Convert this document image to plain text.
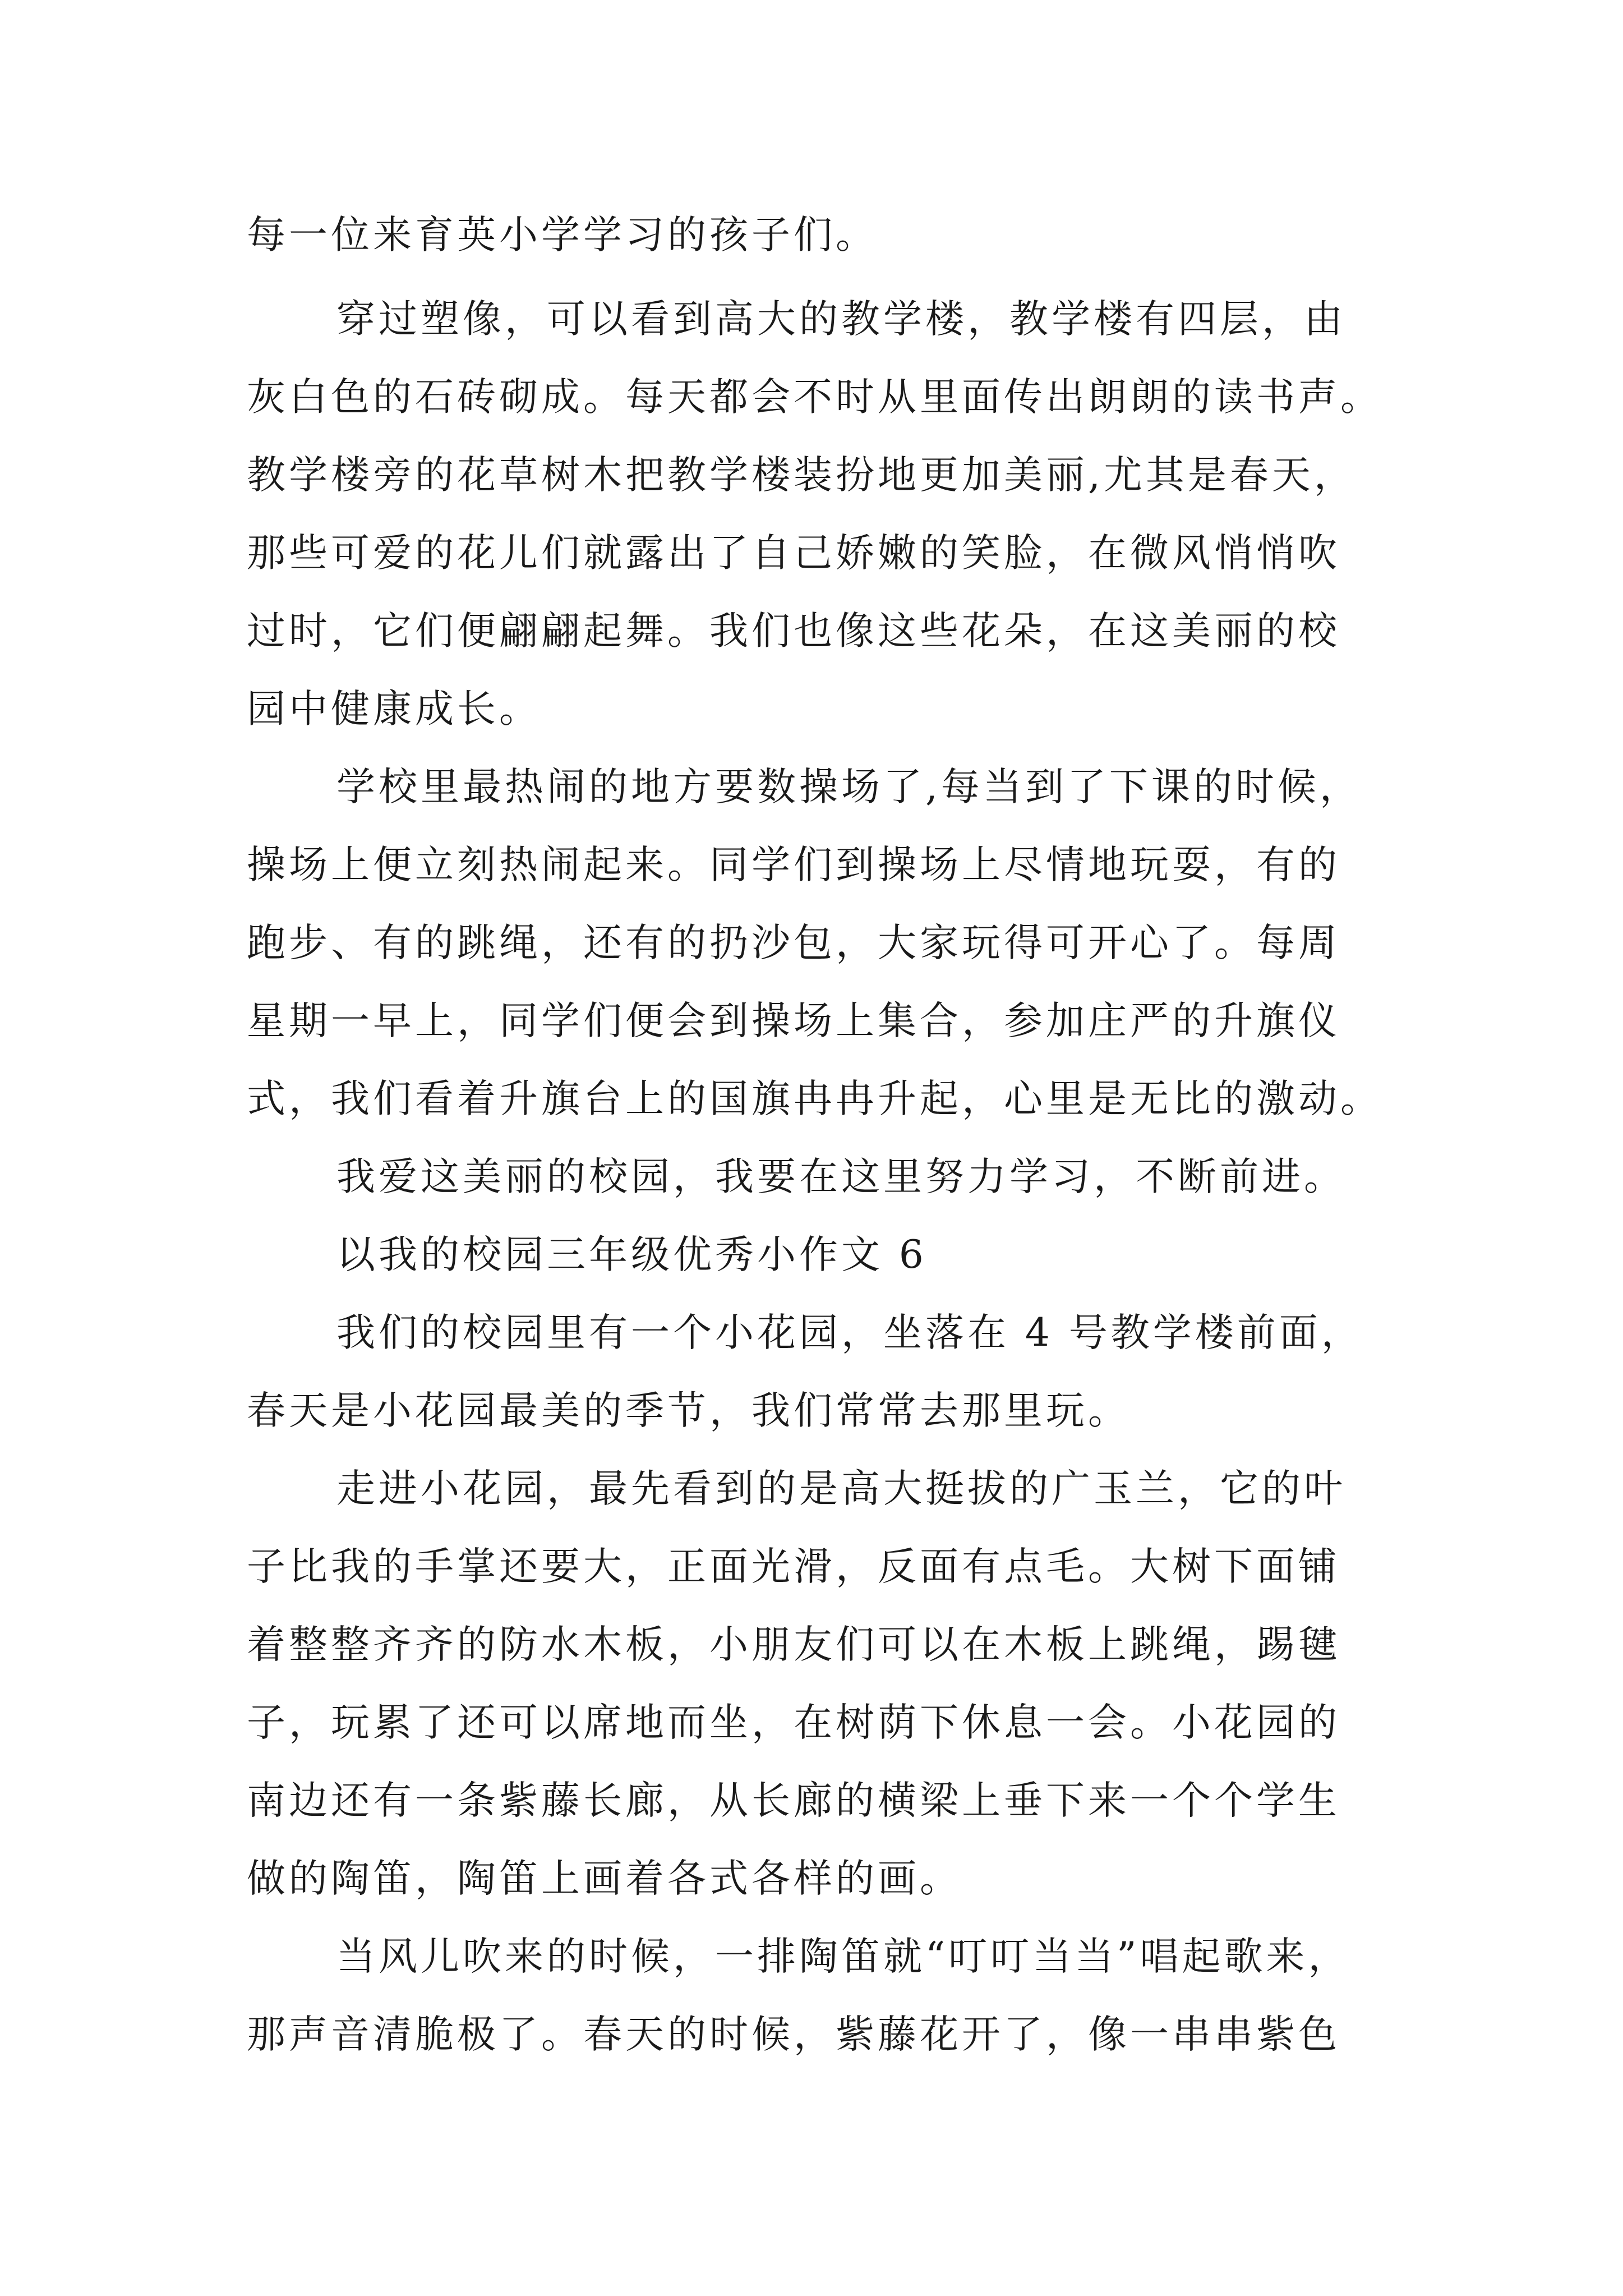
每一位来育英小学学习的孩子们。
穿过塑像，可以看到高大的教学楼，教学楼有四层，由
灰白色的石砖砌成。每天都会不时从里面传出朗朗的读书声。
教学楼旁的花草树木把教学楼装扮地更加美丽,尤其是春天，
那些可爱的花儿们就露出了自己娇嫩的笑脸，在微风悄悄吹
过时，它们便翩翩起舞。我们也像这些花朵，在这美丽的校
园中健康成长。
学校里最热闹的地方要数操场了,每当到了下课的时候，
操场上便立刻热闹起来。同学们到操场上尽情地玩耍，有的
跑步、有的跳绳，还有的扔沙包，大家玩得可开心了。每周
星期一早上，同学们便会到操场上集合，参加庄严的升旗仪
式，我们看着升旗台上的国旗冉冉升起，心里是无比的激动。
我爱这美丽的校园，我要在这里努力学习，不断前进。
以我的校园三年级优秀小作文 6
我们的校园里有一个小花园，坐落在 4 号教学楼前面，
春天是小花园最美的季节，我们常常去那里玩。
走进小花园，最先看到的是高大挺拔的广玉兰，它的叶
子比我的手掌还要大，正面光滑，反面有点毛。大树下面铺
着整整齐齐的防水木板，小朋友们可以在木板上跳绳，踢毽
子，玩累了还可以席地而坐，在树荫下休息一会。小花园的
南边还有一条紫藤长廊，从长廊的横梁上垂下来一个个学生
做的陶笛，陶笛上画着各式各样的画。
当风儿吹来的时候，一排陶笛就“叮叮当当”唱起歌来，
那声音清脆极了。春天的时候，紫藤花开了，像一串串紫色
